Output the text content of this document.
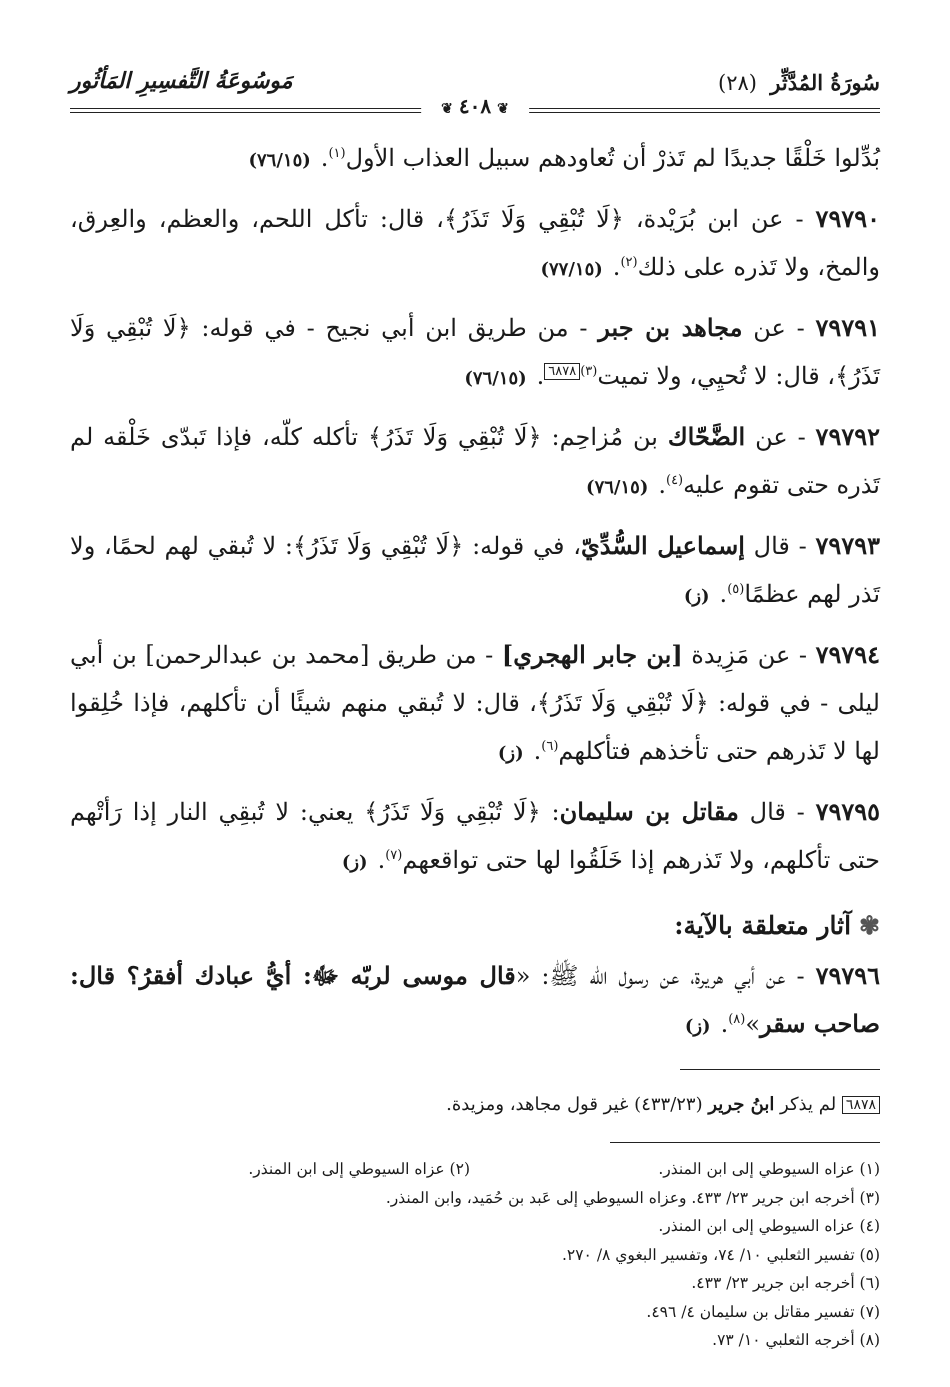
سُورَةُ المُدَّثِّر (٢٨)
مَوسُوعَةُ التَّفسِيرِ المَأثُور
❦٤٠٨❦

بُدِّلوا خَلْقًا جديدًا لم تَذرْ أن تُعاودهم سبيل العذاب الأول$^{(١)}$.(٧٦/١٥)

٧٩٧٩٠ - عن ابن بُرَيْدة، ﴿لَا تُبْقِي وَلَا تَذَرُ﴾، قال: تأكل اللحم، والعظم، والعِرق، والمخ، ولا تَذره على ذلك$^{(٢)}$.(٧٧/١٥)

٧٩٧٩١ - عن مجاهد بن جبر - من طريق ابن أبي نجيح - في قوله: ﴿لَا تُبْقِي وَلَا تَذَرُ﴾، قال: لا تُحيِي، ولا تميت$^{(٣)٦٨٧٨}$.(٧٦/١٥)

٧٩٧٩٢ - عن الضَّحّاك بن مُزاحِم: ﴿لَا تُبْقِي وَلَا تَذَرُ﴾ تأكله كلّه، فإذا تَبدّى خَلْقه لم تَذره حتى تقوم عليه$^{(٤)}$.(٧٦/١٥)

٧٩٧٩٣ - قال إسماعيل السُّدِّيّ، في قوله: ﴿لَا تُبْقِي وَلَا تَذَرُ﴾: لا تُبقي لهم لحمًا، ولا تَذر لهم عظمًا$^{(٥)}$.(ز)

٧٩٧٩٤ - عن مَزِيدة [بن جابر الهجري] - من طريق [محمد بن عبدالرحمن] بن أبي ليلى - في قوله: ﴿لَا تُبْقِي وَلَا تَذَرُ﴾، قال: لا تُبقي منهم شيئًا أن تأكلهم، فإذا خُلِقوا لها لا تَذرهم حتى تأخذهم فتأكلهم$^{(٦)}$.(ز)

٧٩٧٩٥ - قال مقاتل بن سليمان: ﴿لَا تُبْقِي وَلَا تَذَرُ﴾ يعني: لا تُبقِي النار إذا رَأتْهم حتى تأكلهم، ولا تَذرهم إذا خَلَقُوا لها حتى تواقعهم$^{(٧)}$.(ز)

✾آثار متعلقة بالآية:

٧٩٧٩٦ - عن أبي هريرة، عن رسول الله ﷺ: «قال موسى لربّه ﷻ: أيُّ عبادك أفقرُ؟ قال: صاحب سقر»$^{(٨)}$.(ز)

٦٨٧٨ لم يذكر ابنُ جرير (٤٣٣/٢٣) غير قول مجاهد، ومزيدة.

(١) عزاه السيوطي إلى ابن المنذر.
(٢) عزاه السيوطي إلى ابن المنذر.
(٣) أخرجه ابن جرير ٢٣/ ٤٣٣. وعزاه السيوطي إلى عَبد بن حُمَيد، وابن المنذر.
(٤) عزاه السيوطي إلى ابن المنذر.
(٥) تفسير الثعلبي ١٠/ ٧٤، وتفسير البغوي ٨/ ٢٧٠.
(٦) أخرجه ابن جرير ٢٣/ ٤٣٣.
(٧) تفسير مقاتل بن سليمان ٤/ ٤٩٦.
(٨) أخرجه الثعلبي ١٠/ ٧٣.
